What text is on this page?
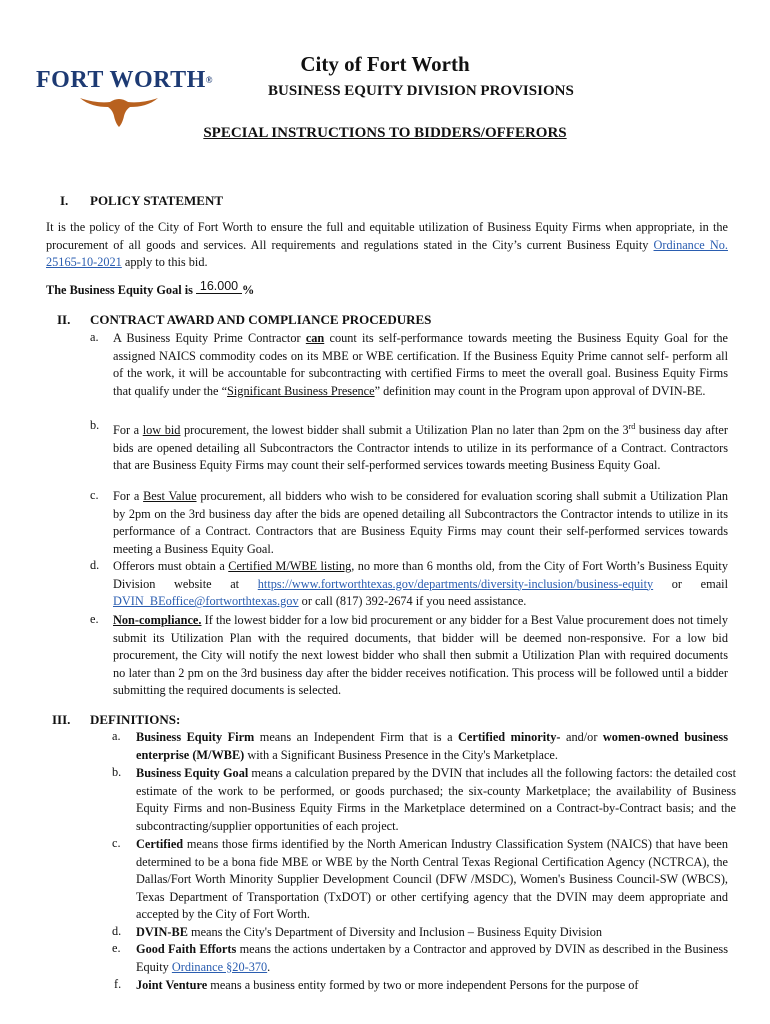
FORT WORTH®
City of Fort Worth
BUSINESS EQUITY DIVISION PROVISIONS
SPECIAL INSTRUCTIONS TO BIDDERS/OFFERORS
I. POLICY STATEMENT
It is the policy of the City of Fort Worth to ensure the full and equitable utilization of Business Equity Firms when appropriate, in the procurement of all goods and services. All requirements and regulations stated in the City’s current Business Equity Ordinance No. 25165-10-2021 apply to this bid.
The Business Equity Goal is 16.000 %
II. CONTRACT AWARD AND COMPLIANCE PROCEDURES
a. A Business Equity Prime Contractor can count its self-performance towards meeting the Business Equity Goal for the assigned NAICS commodity codes on its MBE or WBE certification. If the Business Equity Prime cannot self- perform all of the work, it will be accountable for subcontracting with certified Firms to meet the overall goal. Business Equity Firms that qualify under the “Significant Business Presence” definition may count in the Program upon approval of DVIN-BE.
b. For a low bid procurement, the lowest bidder shall submit a Utilization Plan no later than 2pm on the 3rd business day after bids are opened detailing all Subcontractors the Contractor intends to utilize in its performance of a Contract. Contractors that are Business Equity Firms may count their self-performed services towards meeting Business Equity Goal.
c. For a Best Value procurement, all bidders who wish to be considered for evaluation scoring shall submit a Utilization Plan by 2pm on the 3rd business day after the bids are opened detailing all Subcontractors the Contractor intends to utilize in its performance of a Contract. Contractors that are Business Equity Firms may count their self-performed services towards meeting a Business Equity Goal.
d. Offerors must obtain a Certified M/WBE listing, no more than 6 months old, from the City of Fort Worth’s Business Equity Division website at https://www.fortworthtexas.gov/departments/diversity-inclusion/business-equity or email DVIN_BEoffice@fortworthtexas.gov or call (817) 392-2674 if you need assistance.
e. Non-compliance. If the lowest bidder for a low bid procurement or any bidder for a Best Value procurement does not timely submit its Utilization Plan with the required documents, that bidder will be deemed non-responsive. For a low bid procurement, the City will notify the next lowest bidder who shall then submit a Utilization Plan with required documents no later than 2 pm on the 3rd business day after the bidder receives notification. This process will be followed until a bidder submitting the required documents is selected.
III. DEFINITIONS:
a. Business Equity Firm means an Independent Firm that is a Certified minority- and/or women-owned business enterprise (M/WBE) with a Significant Business Presence in the City's Marketplace.
b. Business Equity Goal means a calculation prepared by the DVIN that includes all the following factors: the detailed cost estimate of the work to be performed, or goods purchased; the six-county Marketplace; the availability of Business Equity Firms and non-Business Equity Firms in the Marketplace determined on a Contract-by-Contract basis; and the subcontracting/supplier opportunities of each project.
c. Certified means those firms identified by the North American Industry Classification System (NAICS) that have been determined to be a bona fide MBE or WBE by the North Central Texas Regional Certification Agency (NCTRCA), the Dallas/Fort Worth Minority Supplier Development Council (DFW /MSDC), Women's Business Council-SW (WBCS), Texas Department of Transportation (TxDOT) or other certifying agency that the DVIN may deem appropriate and accepted by the City of Fort Worth.
d. DVIN-BE means the City's Department of Diversity and Inclusion – Business Equity Division
e. Good Faith Efforts means the actions undertaken by a Contractor and approved by DVIN as described in the Business Equity Ordinance §20-370.
f. Joint Venture means a business entity formed by two or more independent Persons for the purpose of
